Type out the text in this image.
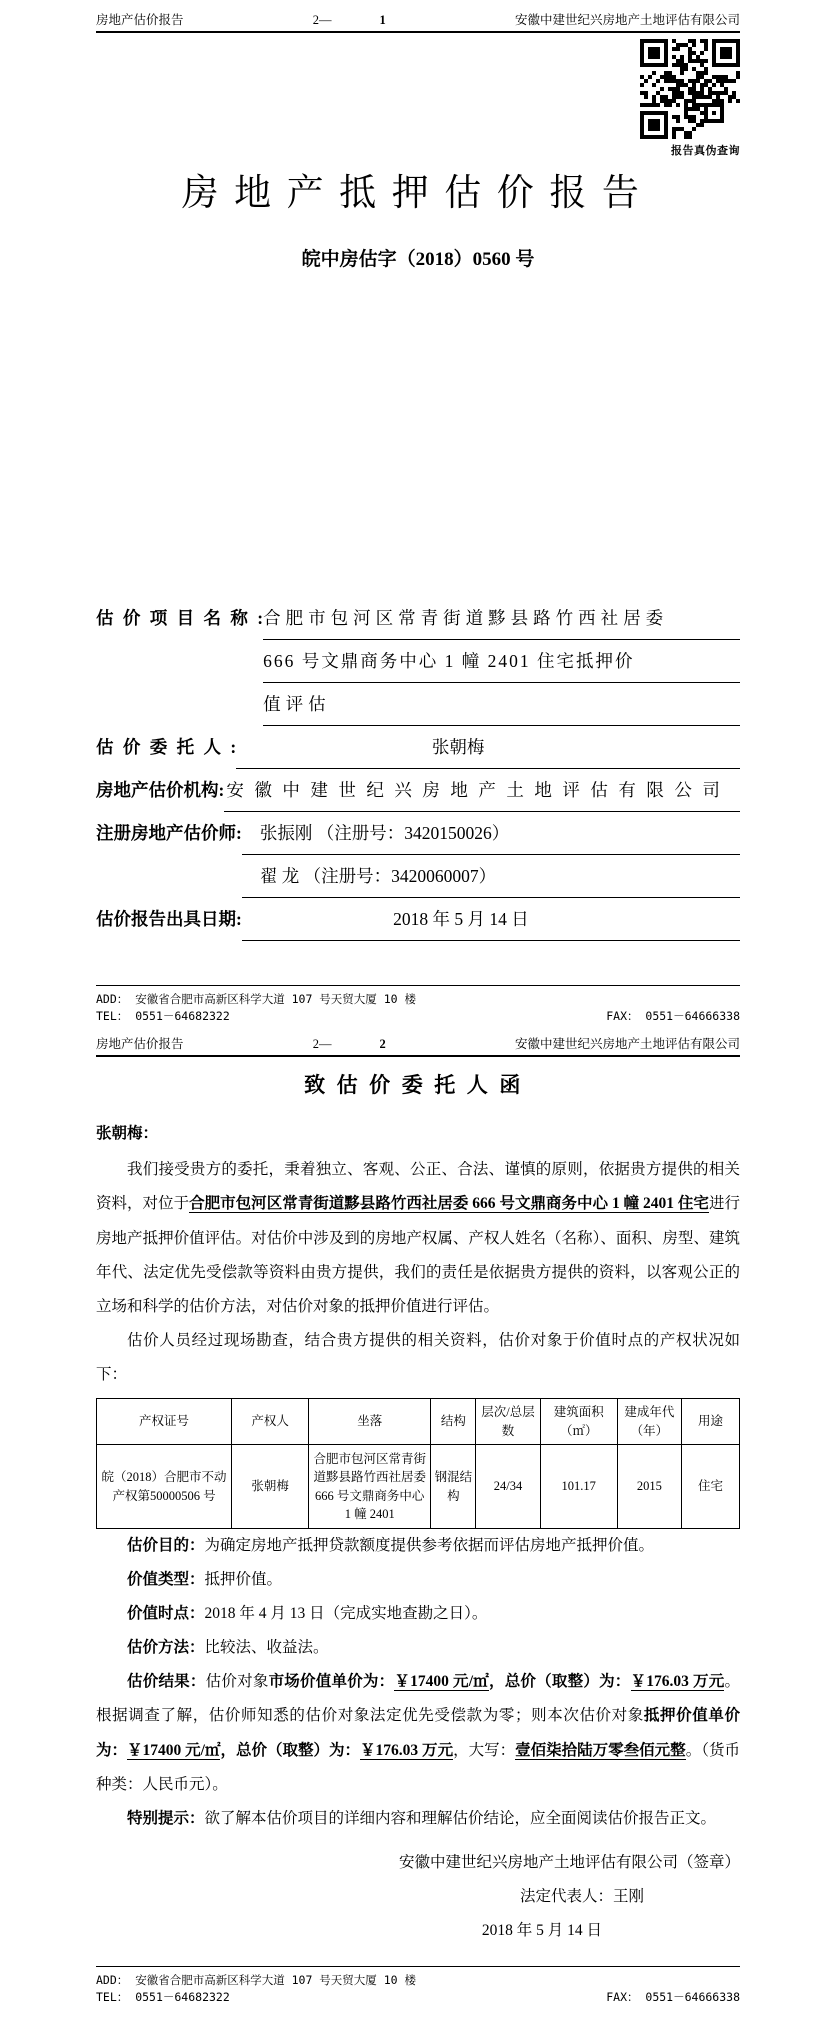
房地产估价报告	2—	1	安徽中建世纪兴房地产土地评估有限公司
报告真伪查询
房地产抵押估价报告
皖中房估字（2018）0560 号
估 价 项 目 名 称 : 合肥市包河区常青街道黟县路竹西社居委
666 号文鼎商务中心 1 幢 2401 住宅抵押价
值评估
估 价 委 托 人 :	张朝梅
房地产估价机构: 安徽中建世纪兴房地产土地评估有限公司
注册房地产估价师:	张振刚 （注册号：3420150026）
翟 龙 （注册号：3420060007）
估价报告出具日期:	2018 年 5 月 14 日
ADD： 安徽省合肥市高新区科学大道 107 号天贸大厦 10 楼
TEL： 0551－64682322	FAX： 0551－64666338
房地产估价报告	2—	2	安徽中建世纪兴房地产土地评估有限公司
致估价委托人函
张朝梅：

我们接受贵方的委托，秉着独立、客观、公正、合法、谨慎的原则，依据贵方提供的相关资料，对位于合肥市包河区常青街道黟县路竹西社居委 666 号文鼎商务中心 1 幢 2401 住宅进行房地产抵押价值评估。对估价中涉及到的房地产权属、产权人姓名（名称）、面积、房型、建筑年代、法定优先受偿款等资料由贵方提供，我们的责任是依据贵方提供的资料，以客观公正的立场和科学的估价方法，对估价对象的抵押价值进行评估。

估价人员经过现场勘查，结合贵方提供的相关资料，估价对象于价值时点的产权状况如下：

产权证号	产权人	坐落	结构	层次/总层数	建筑面积（㎡）	建成年代（年）	用途
皖（2018）合肥市不动产权第50000506 号	张朝梅	合肥市包河区常青街道黟县路竹西社居委 666 号文鼎商务中心 1 幢 2401	钢混结构	24/34	101.17	2015	住宅

估价目的：为确定房地产抵押贷款额度提供参考依据而评估房地产抵押价值。

价值类型：抵押价值。

价值时点：2018 年 4 月 13 日（完成实地查勘之日）。

估价方法：比较法、收益法。

估价结果：估价对象市场价值单价为：￥17400 元/㎡，总价（取整）为：￥176.03 万元。根据调查了解，估价师知悉的估价对象法定优先受偿款为零；则本次估价对象抵押价值单价为：￥17400 元/㎡，总价（取整）为：￥176.03 万元，大写：壹佰柒拾陆万零叁佰元整。（货币种类：人民币元）。

特别提示：欲了解本估价项目的详细内容和理解估价结论，应全面阅读估价报告正文。

安徽中建世纪兴房地产土地评估有限公司（签章）
法定代表人：王刚
2018 年 5 月 14 日
ADD： 安徽省合肥市高新区科学大道 107 号天贸大厦 10 楼
TEL： 0551－64682322	FAX： 0551－64666338
